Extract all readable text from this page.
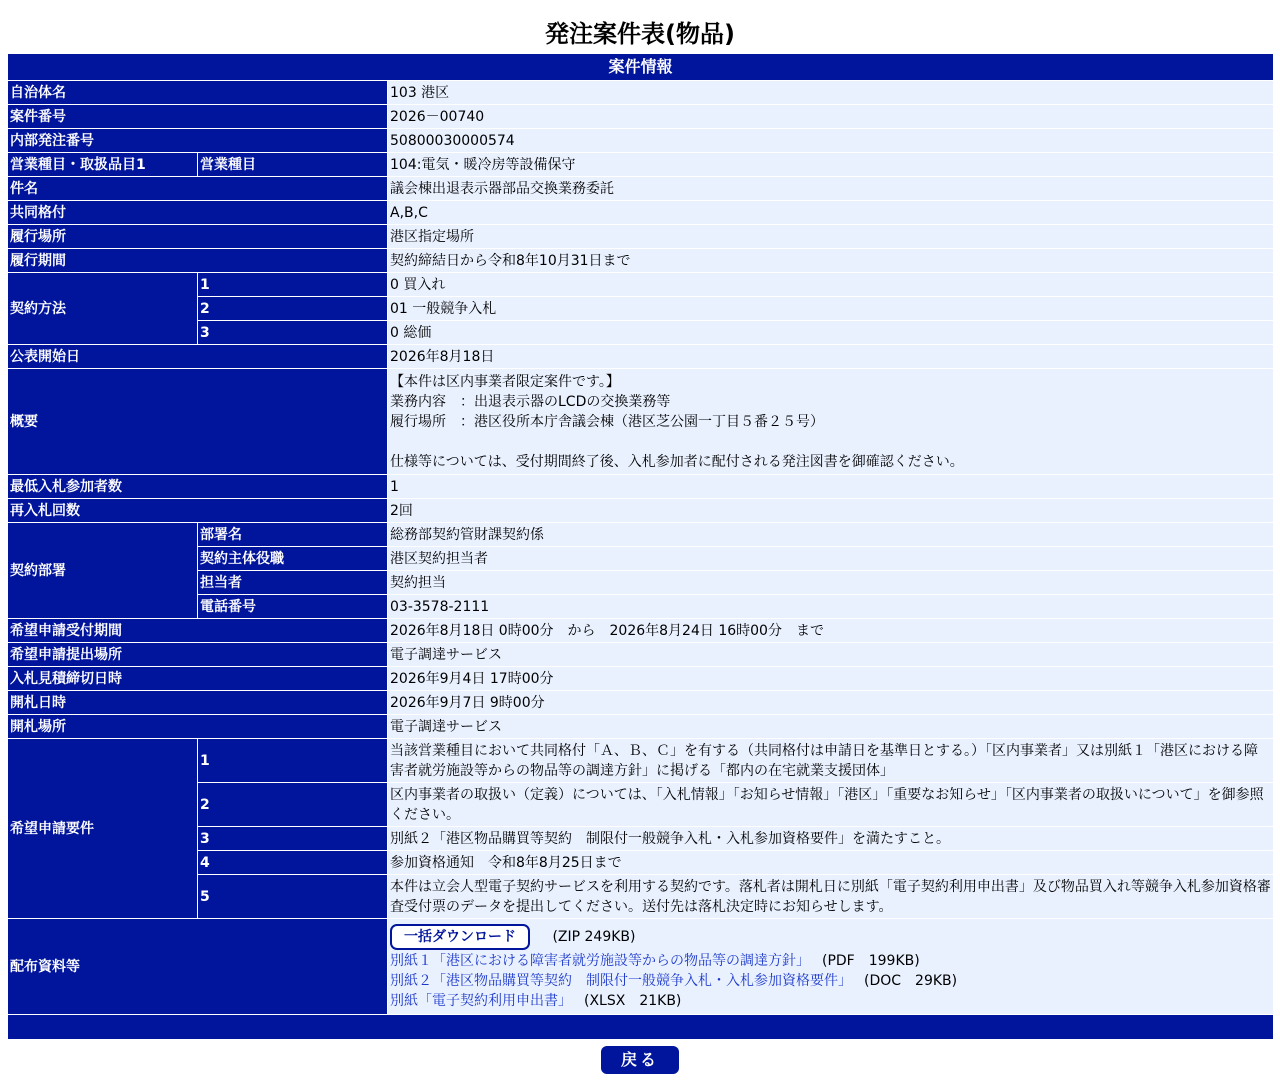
発注案件表(物品)
案件情報		
自治体名		103 港区
案件番号		2026－00740
内部発注番号		50800030000574
営業種目・取扱品目1	営業種目	104:電気・暖冷房等設備保守
件名		議会棟出退表示器部品交換業務委託
共同格付		A,B,C
履行場所		港区指定場所
履行期間		契約締結日から令和8年10月31日まで
契約方法	1	0 買入れ
	2	01 一般競争入札
	3	0 総価
公表開始日		2026年8月18日
概要		【本件は区内事業者限定案件です。】
業務内容　：出退表示器のLCDの交換業務等
履行場所　：港区役所本庁舎議会棟（港区芝公園一丁目５番２５号）

仕様等については、受付期間終了後、入札参加者に配付される発注図書を御確認ください。
最低入札参加者数		1
再入札回数		2回
契約部署	部署名	総務部契約管財課契約係
	契約主体役職	港区契約担当者
	担当者	契約担当
	電話番号	03-3578-2111
希望申請受付期間		2026年8月18日 0時00分　から　2026年8月24日 16時00分　まで
希望申請提出場所		電子調達サービス
入札見積締切日時		2026年9月4日 17時00分
開札日時		2026年9月7日 9時00分
開札場所		電子調達サービス
希望申請要件	1	当該営業種目において共同格付「Ａ、Ｂ、Ｃ」を有する（共同格付は申請日を基準日とする。）「区内事業者」又は別紙１「港区における障害者就労施設等からの物品等の調達方針」に掲げる「都内の在宅就業支援団体」
	2	区内事業者の取扱い（定義）については、「入札情報」「お知らせ情報」「港区」「重要なお知らせ」「区内事業者の取扱いについて」を御参照ください。
	3	別紙２「港区物品購買等契約　制限付一般競争入札・入札参加資格要件」を満たすこと。
	4	参加資格通知　令和8年8月25日まで
	5	本件は立会人型電子契約サービスを利用する契約です。落札者は開札日に別紙「電子契約利用申出書」及び物品買入れ等競争入札参加資格審査受付票のデータを提出してください。送付先は落札決定時にお知らせします。
配布資料等		一括ダウンロード (ZIP 249KB)
別紙１「港区における障害者就労施設等からの物品等の調達方針」 (PDF　199KB)
別紙２「港区物品購買等契約　制限付一般競争入札・入札参加資格要件」 (DOC　29KB)
別紙「電子契約利用申出書」 (XLSX　21KB)

戻る
